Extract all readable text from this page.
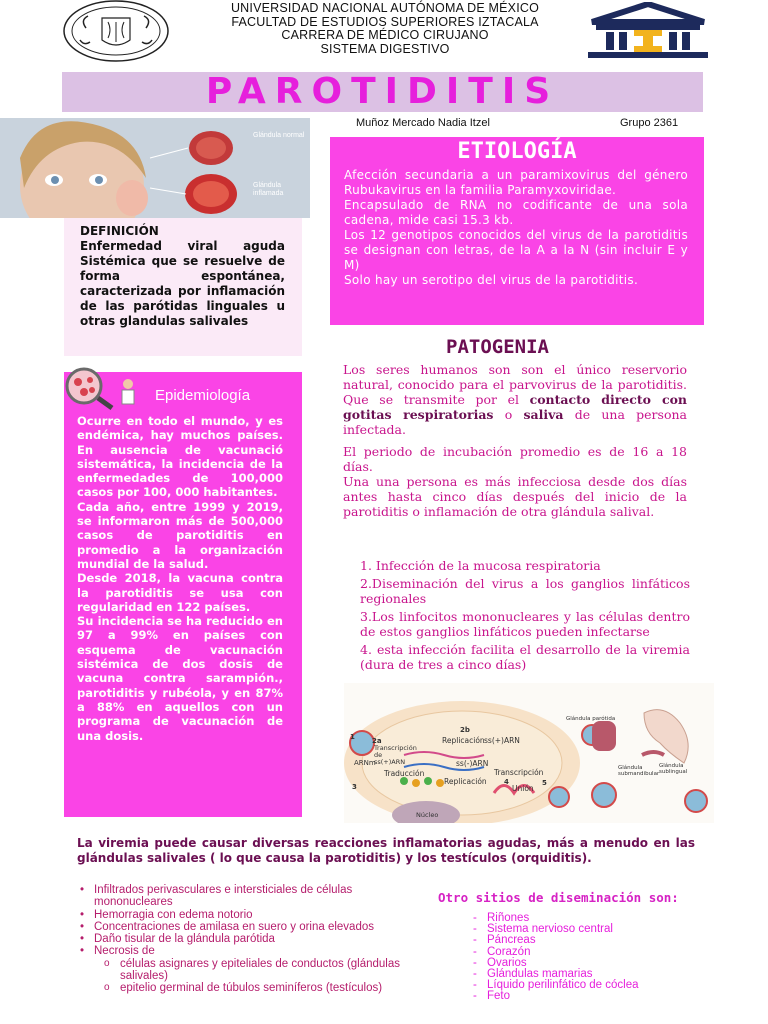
UNIVERSIDAD NACIONAL AUTÓNOMA DE MÉXICO
FACULTAD DE ESTUDIOS SUPERIORES IZTACALA
CARRERA DE MÉDICO CIRUJANO
SISTEMA DIGESTIVO
PAROTIDITIS
Muñoz Mercado Nadia Itzel	Grupo 2361
Glándula normal
Glándula inflamada
DEFINICIÓN
Enfermedad viral aguda Sistémica que se resuelve de forma espontánea, caracterizada por inflamación de las parótidas linguales u otras glandulas salivales
ETIOLOGÍA
Afección secundaria a un paramixovirus del género Rubukavirus en la familia Paramyxoviridae.
Encapsulado de RNA no codificante de una sola cadena, mide casi 15.3 kb.
Los 12 genotipos conocidos del virus de la parotiditis se designan con letras, de la A a la N (sin incluir E y M)
Solo hay un serotipo del virus de la parotiditis.
PATOGENIA

Los seres humanos son son el único reservorio natural, conocido para el parvovirus de la parotiditis. Que se transmite por el contacto directo con gotitas respiratorias o saliva de una persona infectada.

El periodo de incubación promedio es de 16 a 18 días.
Una una persona es más infecciosa desde dos días antes hasta cinco días después del inicio de la parotiditis o inflamación de otra glándula salival.
1. Infección de la mucosa respiratoria
2.Diseminación del virus a los ganglios linfáticos regionales
3.Los linfocitos mononucleares y las células dentro de estos ganglios linfáticos pueden infectarse
4. esta infección facilita el desarrollo de la viremia (dura de tres a cinco días)
Replicación ss(+)ARN
Transcripción de ss(+)ARN
ARNm
Traducción
Replicación
ss(-)ARN
Transcripción
Unión
Núcleo
Glándula parótida
Glándula submandibular
Glándula sublingual
1
2b
2a
3
4	5
Epidemiología
Ocurre en todo el mundo, y es endémica, hay muchos países. En ausencia de vacunació sistemática, la incidencia de la enfermedades de 100,000 casos por 100, 000 habitantes.
Cada año, entre 1999 y 2019, se informaron más de 500,000 casos de parotiditis en promedio a la organización mundial de la salud.
Desde 2018, la vacuna contra la parotiditis se usa con regularidad en 122 países.
Su incidencia se ha reducido en 97 a 99% en países con esquema de vacunación sistémica de dos dosis de vacuna contra sarampión., parotiditis y rubéola, y en 87% a 88% en aquellos con un programa de vacunación de una dosis.
La viremia puede causar diversas reacciones inflamatorias agudas, más a menudo en las glándulas salivales ( lo que causa la parotiditis) y los testículos (orquiditis).
• Infiltrados perivasculares e intersticiales de células mononucleares
• Hemorragia con edema notorio
• Concentraciones de amilasa en suero y orina elevados
• Daño tisular de la glándula parótida
• Necrosis de
o células asignares y epiteliales de conductos (glándulas salivales)
o epitelio germinal de túbulos seminíferos (testículos)
Otro sitios de diseminación son:
- Riñones
- Sistema nervioso central
- Páncreas
- Corazón
- Ovarios
- Glándulas mamarias
- Líquido perilinfático de cóclea
- Feto
